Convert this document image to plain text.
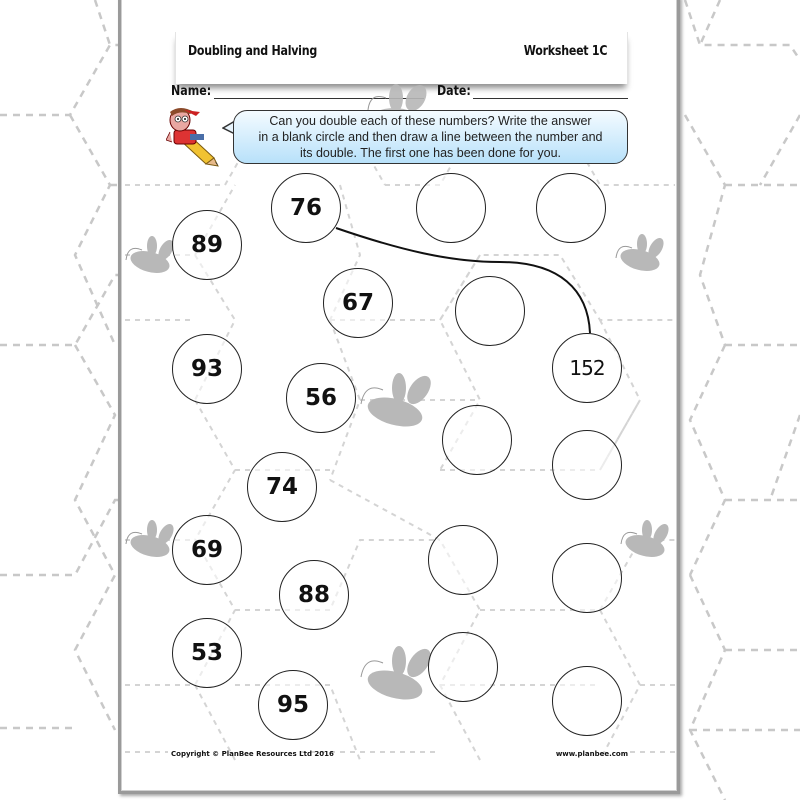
Doubling and Halving	Worksheet 1C
Name:	Date:
Can you double each of these numbers? Write the answer
in a blank circle and then draw a line between the number and
its double. The first one has been done for you.
76
89
67
152
93
56
74
69
88
53
95
Copyright © PlanBee Resources Ltd 2016	www.planbee.com
